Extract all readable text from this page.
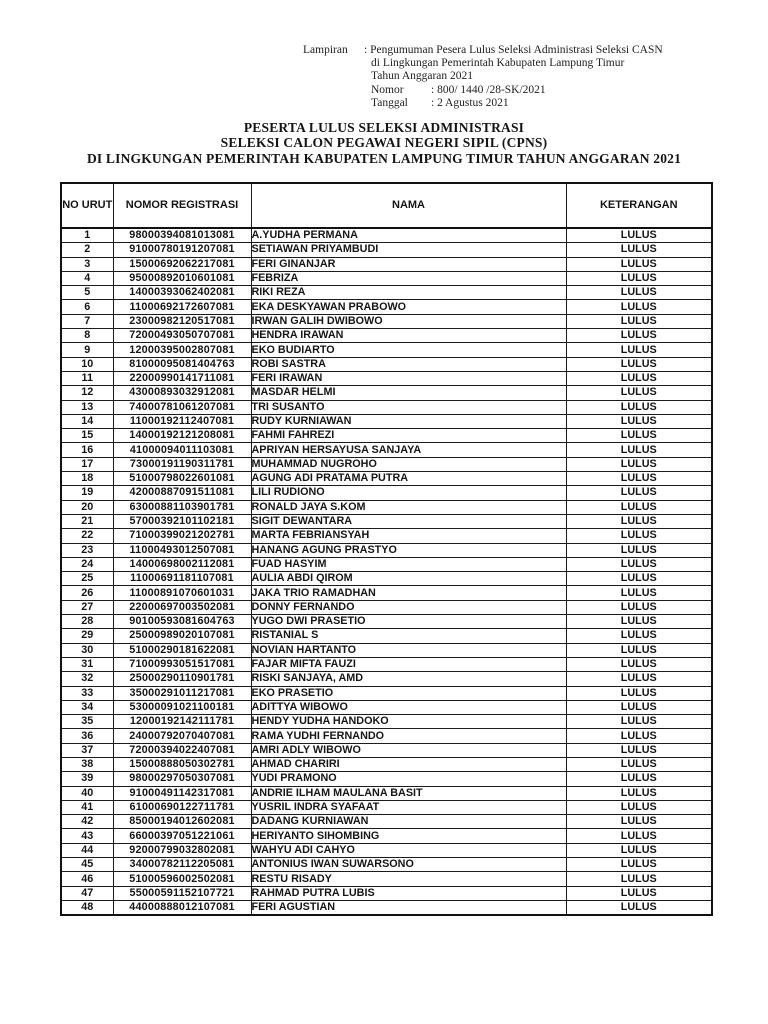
Lampiran	: Pengumuman Pesera Lulus Seleksi Administrasi Seleksi CASN
di Lingkungan Pemerintah Kabupaten Lampung Timur
Tahun Anggaran 2021
Nomor	: 800/ 1440 /28-SK/2021
Tanggal	: 2 Agustus 2021
PESERTA LULUS SELEKSI ADMINISTRASI
SELEKSI CALON PEGAWAI NEGERI SIPIL (CPNS)
DI LINGKUNGAN PEMERINTAH KABUPATEN LAMPUNG TIMUR TAHUN ANGGARAN 2021
NO URUT	NOMOR REGISTRASI	NAMA	KETERANGAN
1	98000394081013081	A.YUDHA PERMANA	LULUS
2	91000780191207081	SETIAWAN PRIYAMBUDI	LULUS
3	15000692062217081	FERI GINANJAR	LULUS
4	95000892010601081	FEBRIZA	LULUS
5	14000393062402081	RIKI REZA	LULUS
6	11000692172607081	EKA DESKYAWAN PRABOWO	LULUS
7	23000982120517081	IRWAN GALIH DWIBOWO	LULUS
8	72000493050707081	HENDRA IRAWAN	LULUS
9	12000395002807081	EKO BUDIARTO	LULUS
10	81000095081404763	ROBI SASTRA	LULUS
11	22000990141711081	FERI IRAWAN	LULUS
12	43000893032912081	MASDAR HELMI	LULUS
13	74000781061207081	TRI SUSANTO	LULUS
14	11000192112407081	RUDY KURNIAWAN	LULUS
15	14000192121208081	FAHMI FAHREZI	LULUS
16	41000094011103081	APRIYAN HERSAYUSA SANJAYA	LULUS
17	73000191190311781	MUHAMMAD NUGROHO	LULUS
18	51000798022601081	AGUNG ADI PRATAMA PUTRA	LULUS
19	42000887091511081	LILI RUDIONO	LULUS
20	63000881103901781	RONALD JAYA S.KOM	LULUS
21	57000392101102181	SIGIT DEWANTARA	LULUS
22	71000399021202781	MARTA FEBRIANSYAH	LULUS
23	11000493012507081	HANANG AGUNG PRASTYO	LULUS
24	14000698002112081	FUAD HASYIM	LULUS
25	11000691181107081	AULIA ABDI QIROM	LULUS
26	11000891070601031	JAKA TRIO RAMADHAN	LULUS
27	22000697003502081	DONNY FERNANDO	LULUS
28	90100593081604763	YUGO DWI PRASETIO	LULUS
29	25000989020107081	RISTANIAL S	LULUS
30	51000290181622081	NOVIAN HARTANTO	LULUS
31	71000993051517081	FAJAR MIFTA FAUZI	LULUS
32	25000290110901781	RISKI SANJAYA, AMD	LULUS
33	35000291011217081	EKO PRASETIO	LULUS
34	53000091021100181	ADITTYA WIBOWO	LULUS
35	12000192142111781	HENDY YUDHA HANDOKO	LULUS
36	24000792070407081	RAMA YUDHI FERNANDO	LULUS
37	72000394022407081	AMRI ADLY WIBOWO	LULUS
38	15000888050302781	AHMAD CHARIRI	LULUS
39	98000297050307081	YUDI PRAMONO	LULUS
40	91000491142317081	ANDRIE ILHAM MAULANA BASIT	LULUS
41	61000690122711781	YUSRIL INDRA SYAFAAT	LULUS
42	85000194012602081	DADANG KURNIAWAN	LULUS
43	66000397051221061	HERIYANTO SIHOMBING	LULUS
44	92000799032802081	WAHYU ADI CAHYO	LULUS
45	34000782112205081	ANTONIUS IWAN SUWARSONO	LULUS
46	51000596002502081	RESTU RISADY	LULUS
47	55000591152107721	RAHMAD PUTRA LUBIS	LULUS
48	44000888012107081	FERI AGUSTIAN	LULUS
